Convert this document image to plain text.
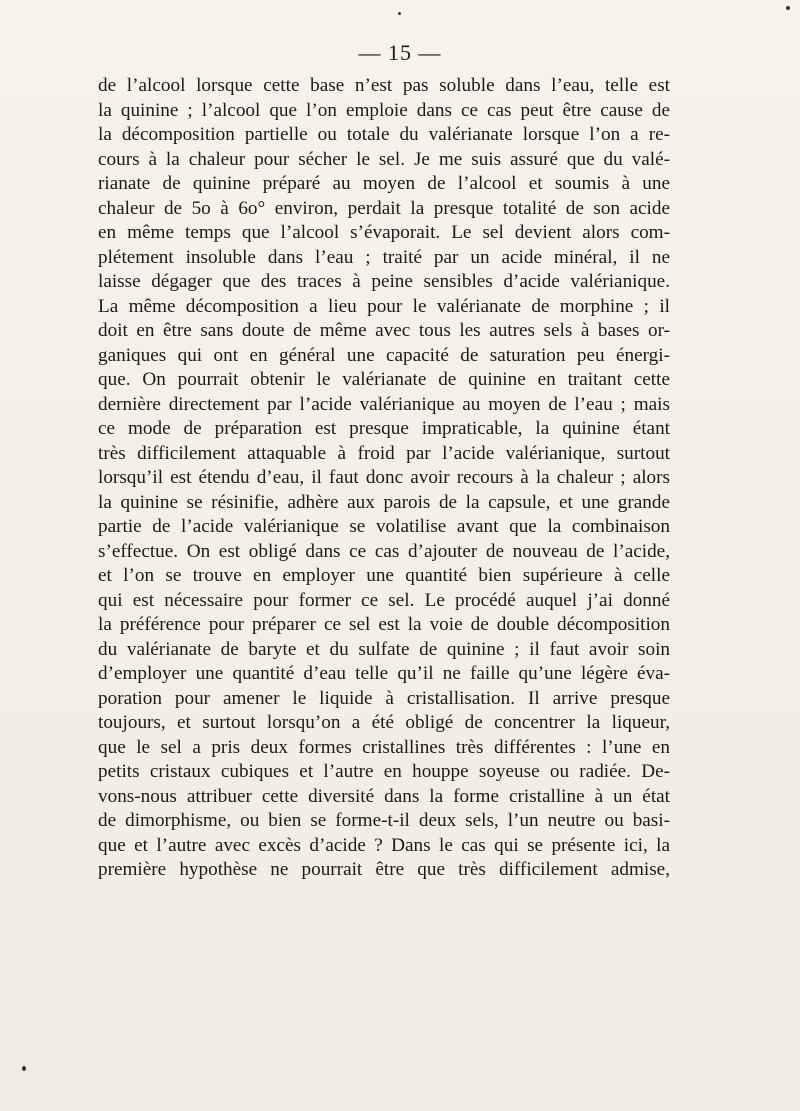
— 15 —
de l’alcool lorsque cette base n’est pas soluble dans l’eau, telle est
la quinine ; l’alcool que l’on emploie dans ce cas peut être cause de
la décomposition partielle ou totale du valérianate lorsque l’on a re-
cours à la chaleur pour sécher le sel. Je me suis assuré que du valé-
rianate de quinine préparé au moyen de l’alcool et soumis à une
chaleur de 5o à 6o° environ, perdait la presque totalité de son acide
en même temps que l’alcool s’évaporait. Le sel devient alors com-
plétement insoluble dans l’eau ; traité par un acide minéral, il ne
laisse dégager que des traces à peine sensibles d’acide valérianique.
La même décomposition a lieu pour le valérianate de morphine ; il
doit en être sans doute de même avec tous les autres sels à bases or-
ganiques qui ont en général une capacité de saturation peu énergi-
que. On pourrait obtenir le valérianate de quinine en traitant cette
dernière directement par l’acide valérianique au moyen de l’eau ; mais
ce mode de préparation est presque impraticable, la quinine étant
très difficilement attaquable à froid par l’acide valérianique, surtout
lorsqu’il est étendu d’eau, il faut donc avoir recours à la chaleur ; alors
la quinine se résinifie, adhère aux parois de la capsule, et une grande
partie de l’acide valérianique se volatilise avant que la combinaison
s’effectue. On est obligé dans ce cas d’ajouter de nouveau de l’acide,
et l’on se trouve en employer une quantité bien supérieure à celle
qui est nécessaire pour former ce sel. Le procédé auquel j’ai donné
la préférence pour préparer ce sel est la voie de double décomposition
du valérianate de baryte et du sulfate de quinine ; il faut avoir soin
d’employer une quantité d’eau telle qu’il ne faille qu’une légère éva-
poration pour amener le liquide à cristallisation. Il arrive presque
toujours, et surtout lorsqu’on a été obligé de concentrer la liqueur,
que le sel a pris deux formes cristallines très différentes : l’une en
petits cristaux cubiques et l’autre en houppe soyeuse ou radiée. De-
vons-nous attribuer cette diversité dans la forme cristalline à un état
de dimorphisme, ou bien se forme-t-il deux sels, l’un neutre ou basi-
que et l’autre avec excès d’acide ? Dans le cas qui se présente ici, la
première hypothèse ne pourrait être que très difficilement admise,
